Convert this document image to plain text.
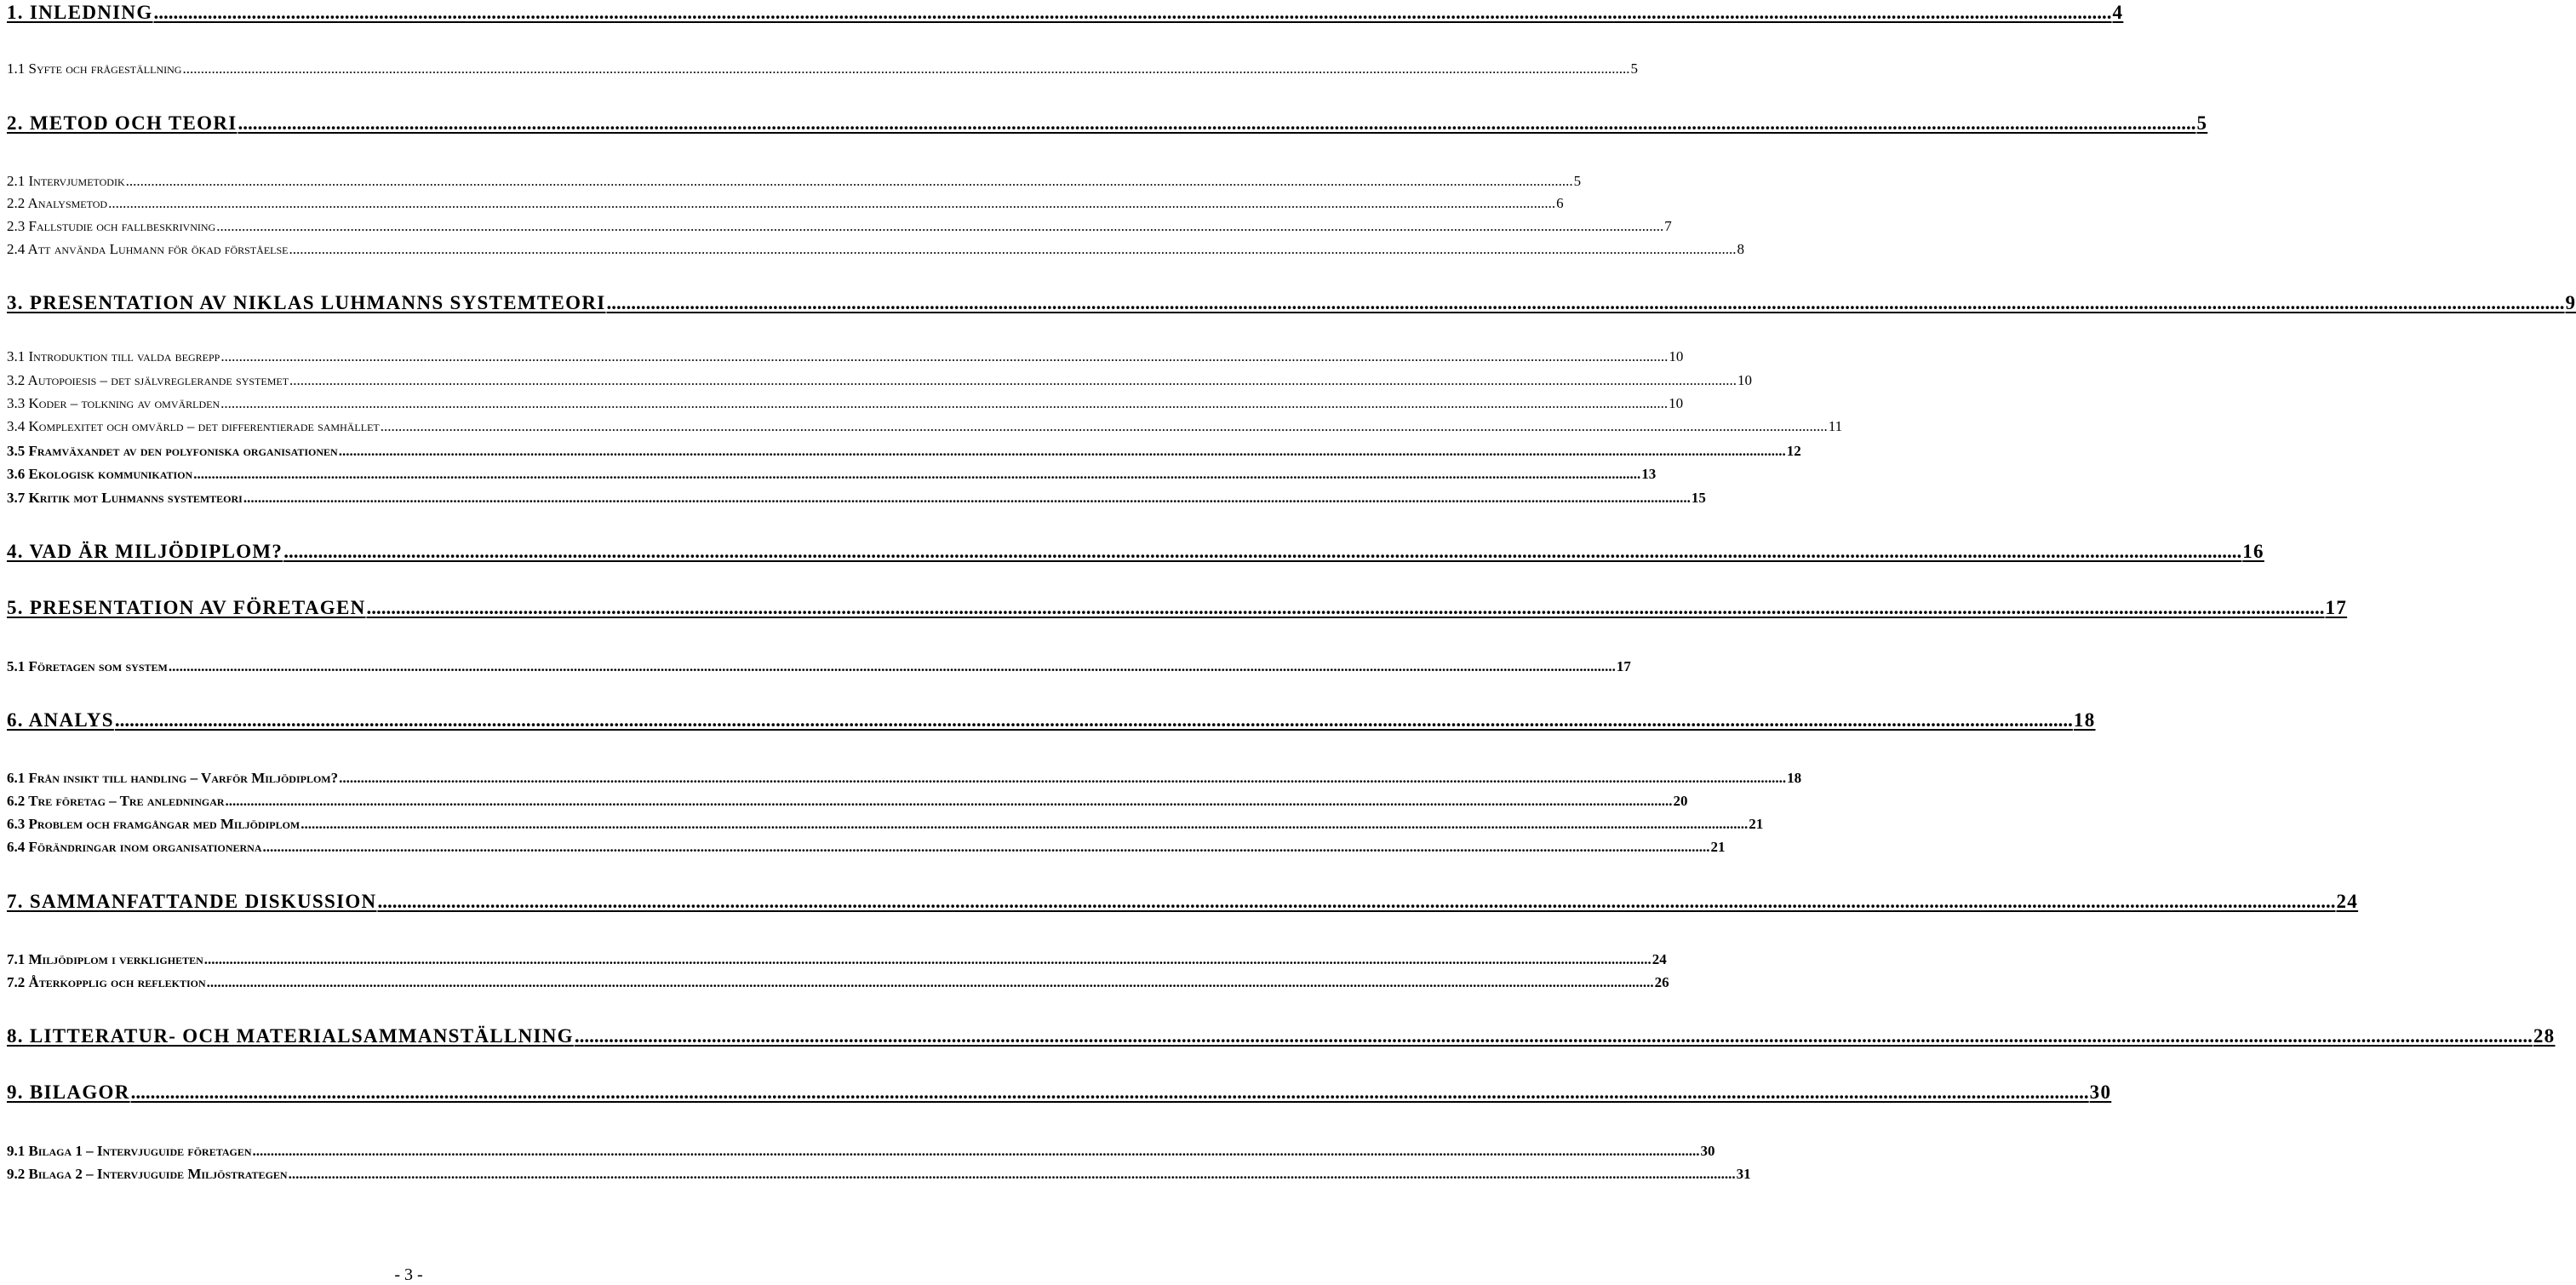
1. INLEDNING ................................................................................................................................................................................................................................................................................................................................................................................................................ 4
1.1 Syfte och frågeställning ................................................................................................................................................................................................................................................................................................................................................................................................................ 5
2. METOD OCH TEORI ................................................................................................................................................................................................................................................................................................................................................................................................................ 5
2.1 Intervjumetodik ................................................................................................................................................................................................................................................................................................................................................................................................................ 5
2.2 Analysmetod ................................................................................................................................................................................................................................................................................................................................................................................................................ 6
2.3 Fallstudie och fallbeskrivning ................................................................................................................................................................................................................................................................................................................................................................................................................ 7
2.4 Att använda Luhmann för ökad förståelse ................................................................................................................................................................................................................................................................................................................................................................................................................ 8
3. PRESENTATION AV NIKLAS LUHMANNS SYSTEMTEORI ................................................................................................................................................................................................................................................................................................................................................................................................................ 9
3.1 Introduktion till valda begrepp ................................................................................................................................................................................................................................................................................................................................................................................................................ 10
3.2 Autopoiesis – det självreglerande systemet ................................................................................................................................................................................................................................................................................................................................................................................................................ 10
3.3 Koder – tolkning av omvärlden ................................................................................................................................................................................................................................................................................................................................................................................................................ 10
3.4 Komplexitet och omvärld – det differentierade samhället ................................................................................................................................................................................................................................................................................................................................................................................................................ 11
3.5 Framväxandet av den polyfoniska organisationen ................................................................................................................................................................................................................................................................................................................................................................................................................ 12
3.6 Ekologisk kommunikation ................................................................................................................................................................................................................................................................................................................................................................................................................ 13
3.7 Kritik mot Luhmanns systemteori ................................................................................................................................................................................................................................................................................................................................................................................................................ 15
4. VAD ÄR MILJÖDIPLOM? ................................................................................................................................................................................................................................................................................................................................................................................................................ 16
5. PRESENTATION AV FÖRETAGEN ................................................................................................................................................................................................................................................................................................................................................................................................................ 17
5.1 Företagen som system ................................................................................................................................................................................................................................................................................................................................................................................................................ 17
6. ANALYS ................................................................................................................................................................................................................................................................................................................................................................................................................ 18
6.1 Från insikt till handling – Varför Miljödiplom? ................................................................................................................................................................................................................................................................................................................................................................................................................ 18
6.2 Tre företag – Tre anledningar ................................................................................................................................................................................................................................................................................................................................................................................................................ 20
6.3 Problem och framgångar med Miljödiplom ................................................................................................................................................................................................................................................................................................................................................................................................................ 21
6.4 Förändringar inom organisationerna ................................................................................................................................................................................................................................................................................................................................................................................................................ 21
7. SAMMANFATTANDE DISKUSSION ................................................................................................................................................................................................................................................................................................................................................................................................................ 24
7.1 Miljödiplom i verkligheten ................................................................................................................................................................................................................................................................................................................................................................................................................ 24
7.2 Återkopplig och reflektion ................................................................................................................................................................................................................................................................................................................................................................................................................ 26
8. LITTERATUR- OCH MATERIALSAMMANSTÄLLNING ................................................................................................................................................................................................................................................................................................................................................................................................................ 28
9. BILAGOR ................................................................................................................................................................................................................................................................................................................................................................................................................ 30
9.1 Bilaga 1 – Intervjuguide företagen ................................................................................................................................................................................................................................................................................................................................................................................................................ 30
9.2 Bilaga 2 – Intervjuguide Miljöstrategen ................................................................................................................................................................................................................................................................................................................................................................................................................ 31
- 3 -
